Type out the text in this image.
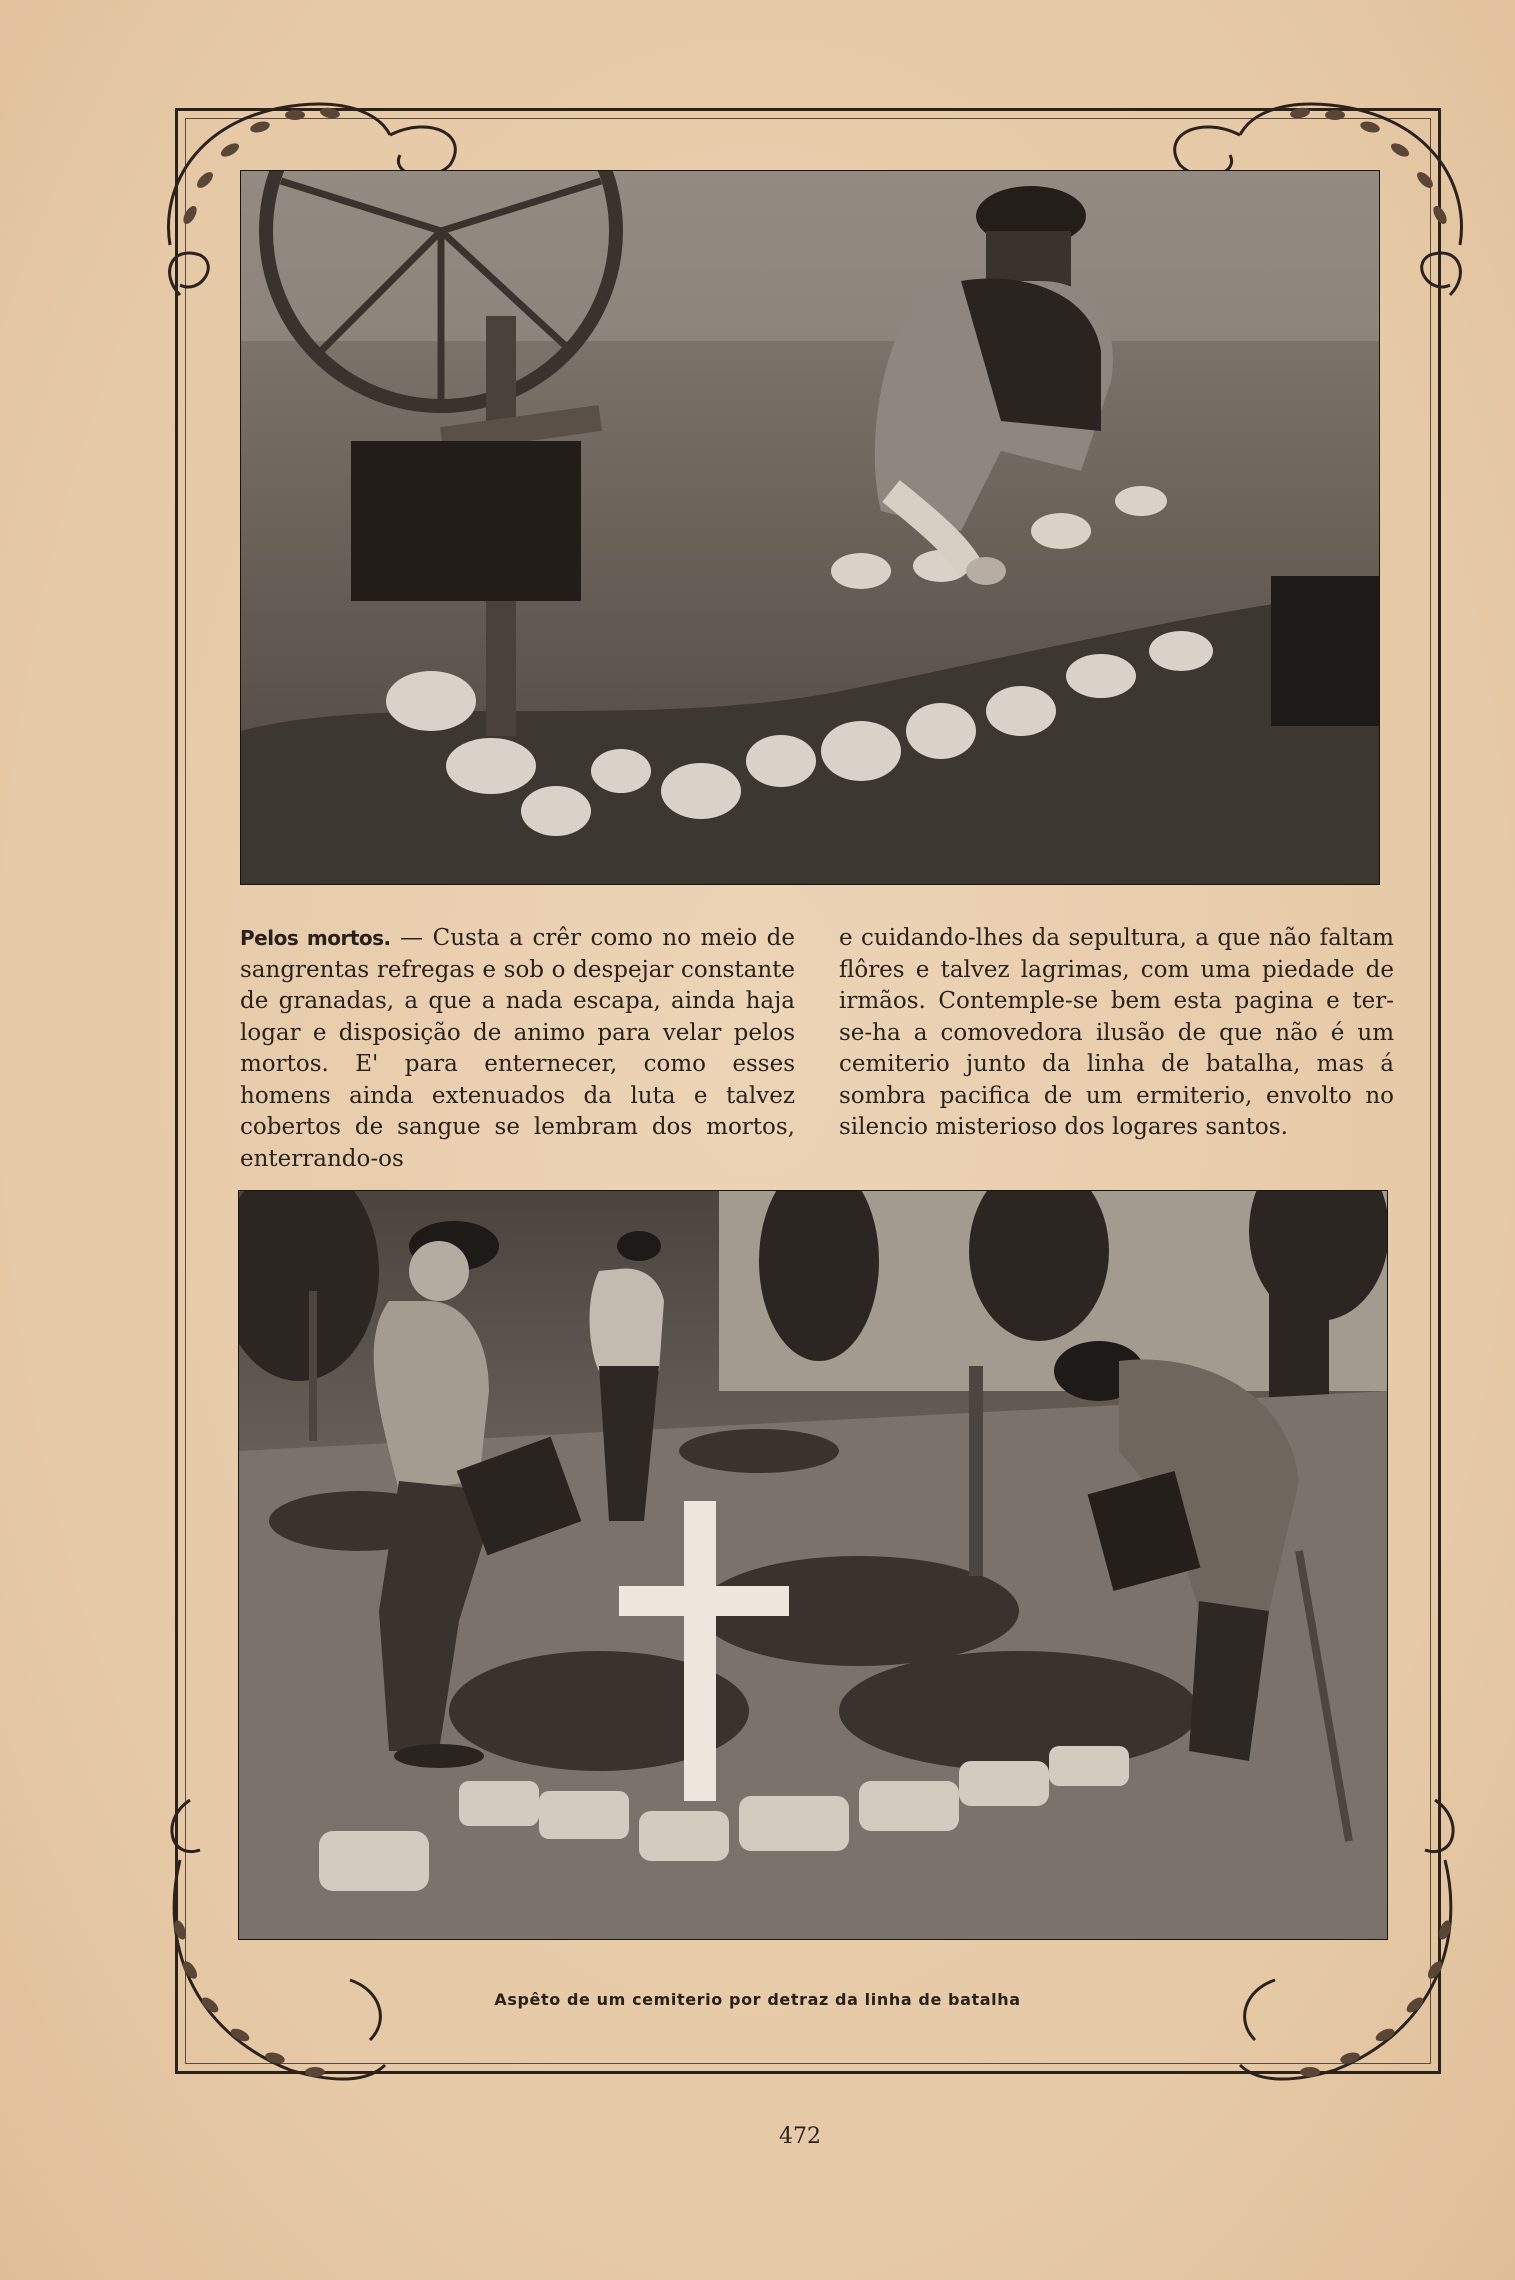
Pelos mortos. — Custa a crêr como no meio de sangrentas refregas e sob o despejar constante de granadas, a que a nada escapa, ainda haja logar e disposição de animo para velar pelos mortos. E' para enternecer, como esses homens ainda extenuados da luta e talvez cobertos de sangue se lembram dos mortos, enterrando-os
e cuidando-lhes da sepultura, a que não faltam flôres e talvez lagrimas, com uma piedade de irmãos. Contemple-se bem esta pagina e ter-se-ha a comovedora ilusão de que não é um cemiterio junto da linha de batalha, mas á sombra pacifica de um ermiterio, envolto no silencio misterioso dos logares santos.
Aspêto de um cemiterio por detraz da linha de batalha
472
